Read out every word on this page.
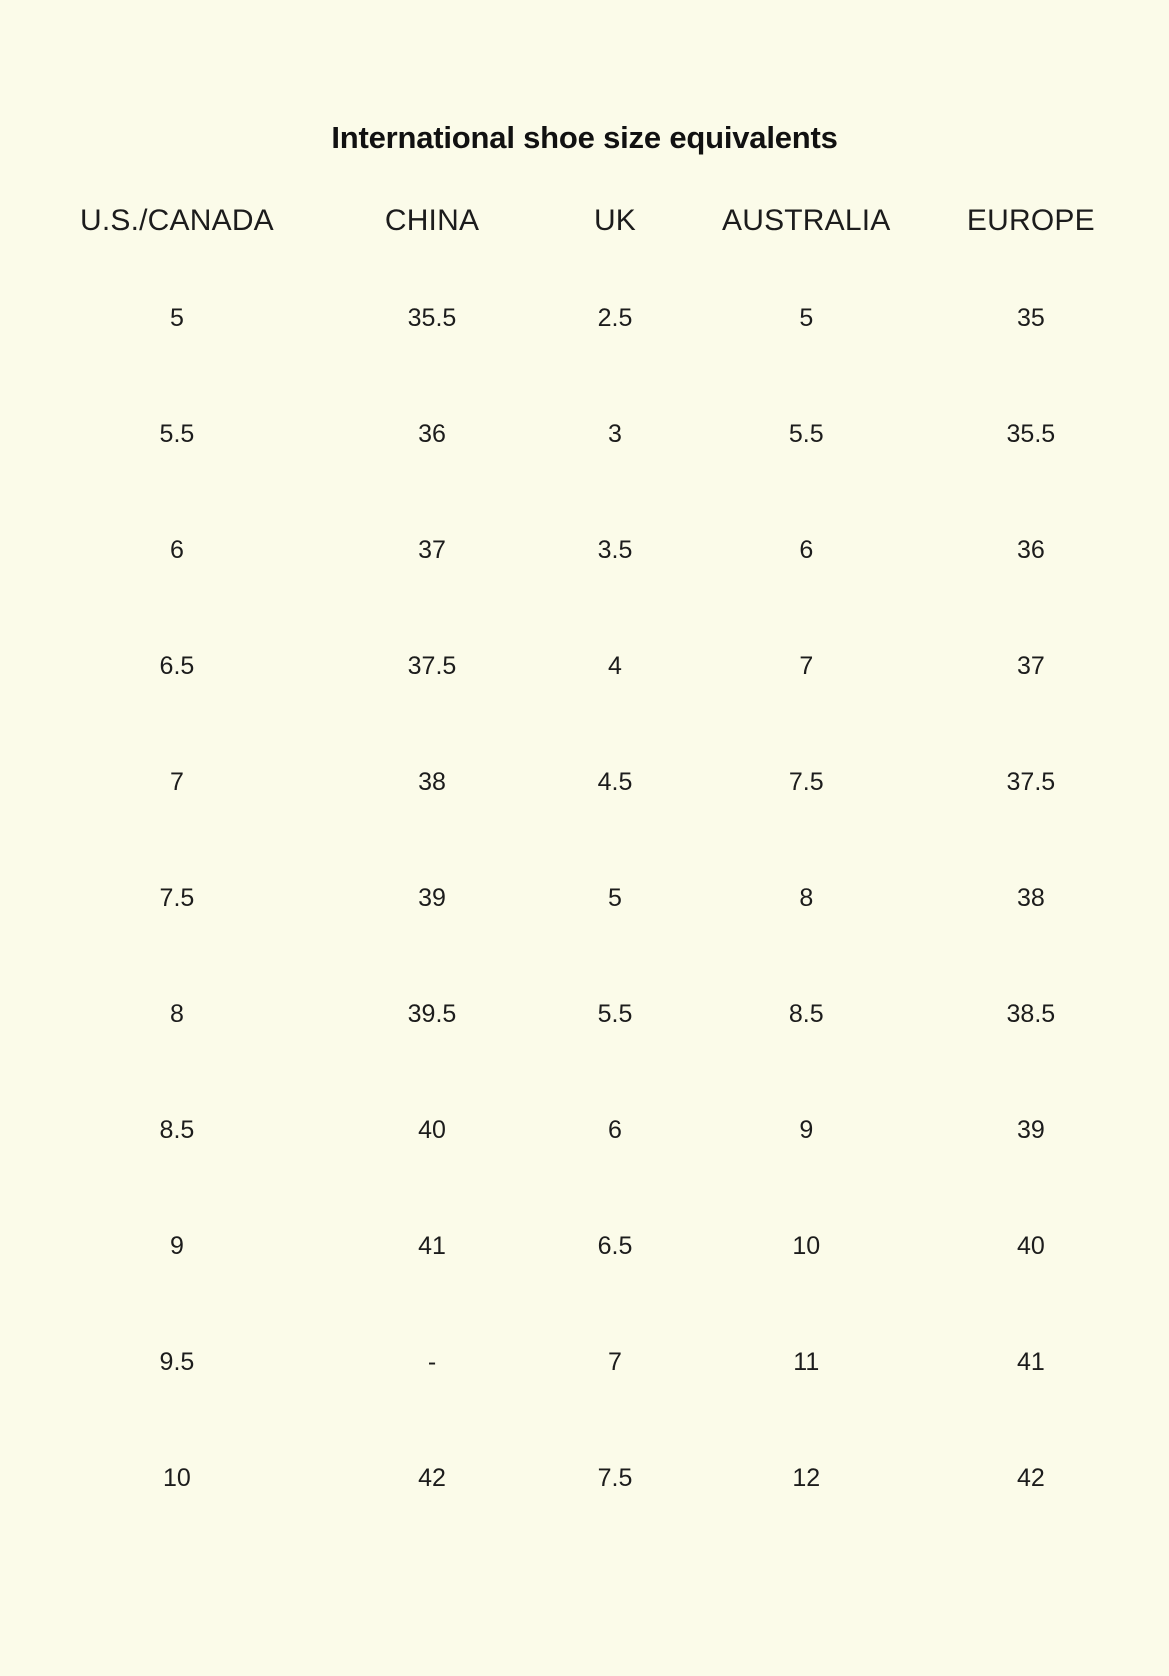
International shoe size equivalents
U.S./CANADA	CHINA	UK	AUSTRALIA	EUROPE
5	35.5	2.5	5	35
5.5	36	3	5.5	35.5
6	37	3.5	6	36
6.5	37.5	4	7	37
7	38	4.5	7.5	37.5
7.5	39	5	8	38
8	39.5	5.5	8.5	38.5
8.5	40	6	9	39
9	41	6.5	10	40
9.5	-	7	11	41
10	42	7.5	12	42
